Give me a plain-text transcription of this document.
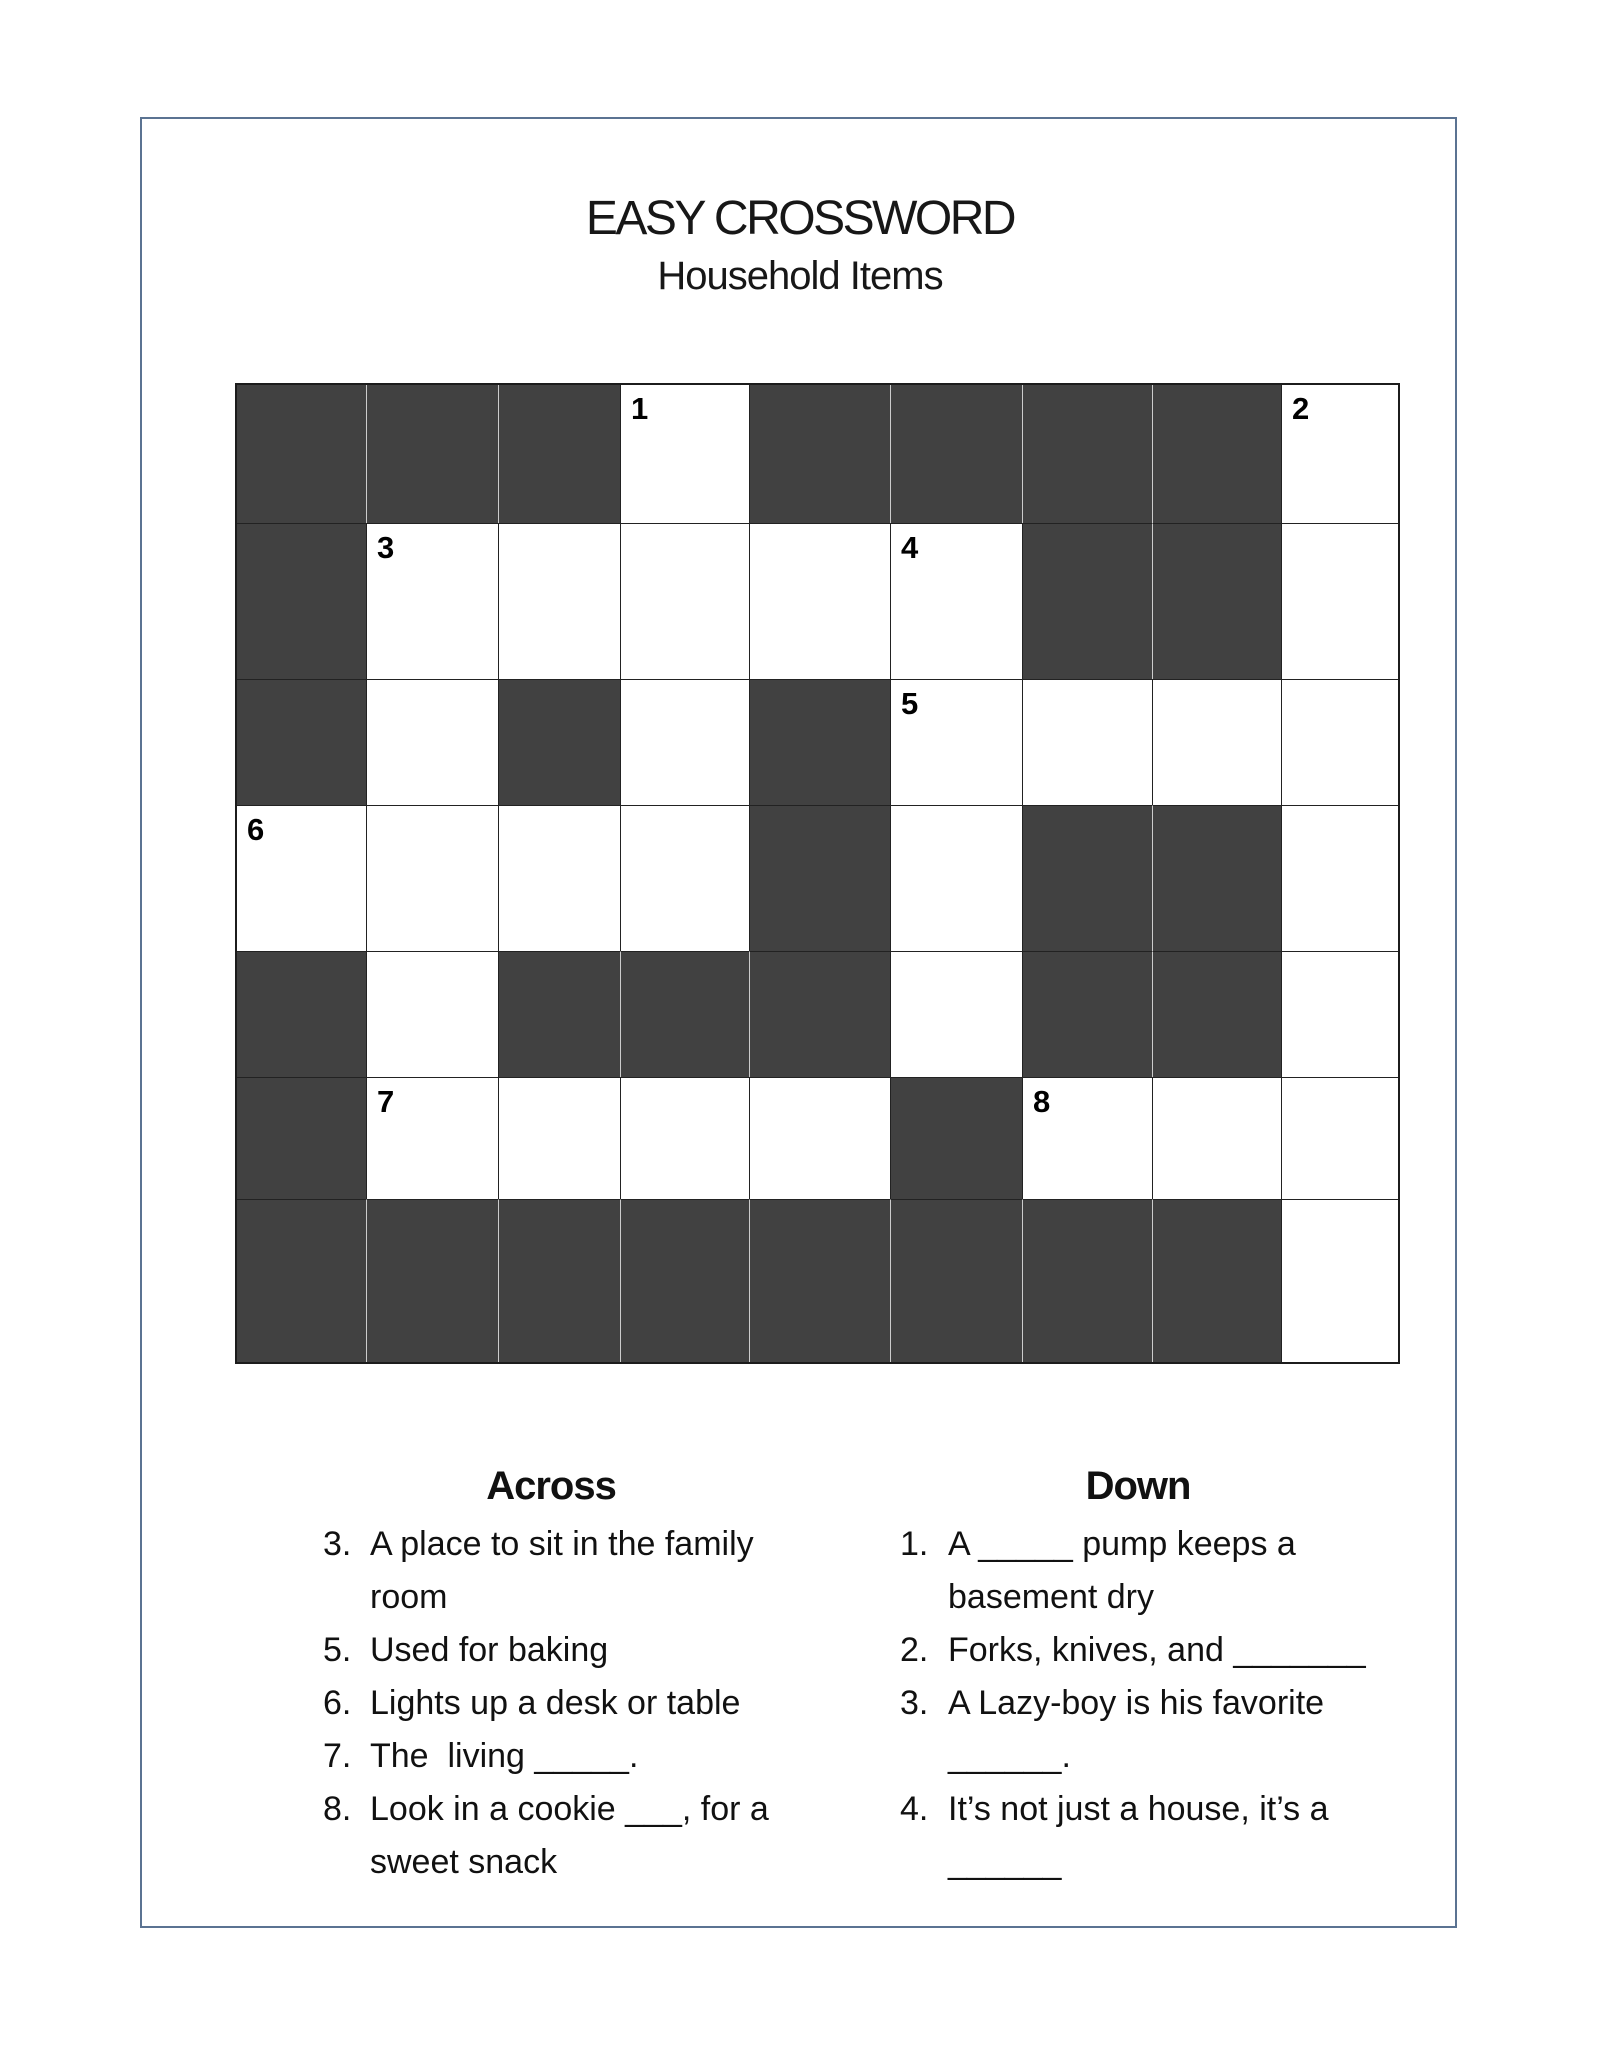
EASY CROSSWORD
Household Items
1	2
3	4
5
6
7	8
Across
3. A place to sit in the family room
5. Used for baking
6. Lights up a desk or table
7. The  living _____.
8. Look in a cookie ___, for a sweet snack
Down
1. A _____ pump keeps a basement dry
2. Forks, knives, and _______
3. A Lazy-boy is his favorite ______.
4. It’s not just a house, it’s a ______
